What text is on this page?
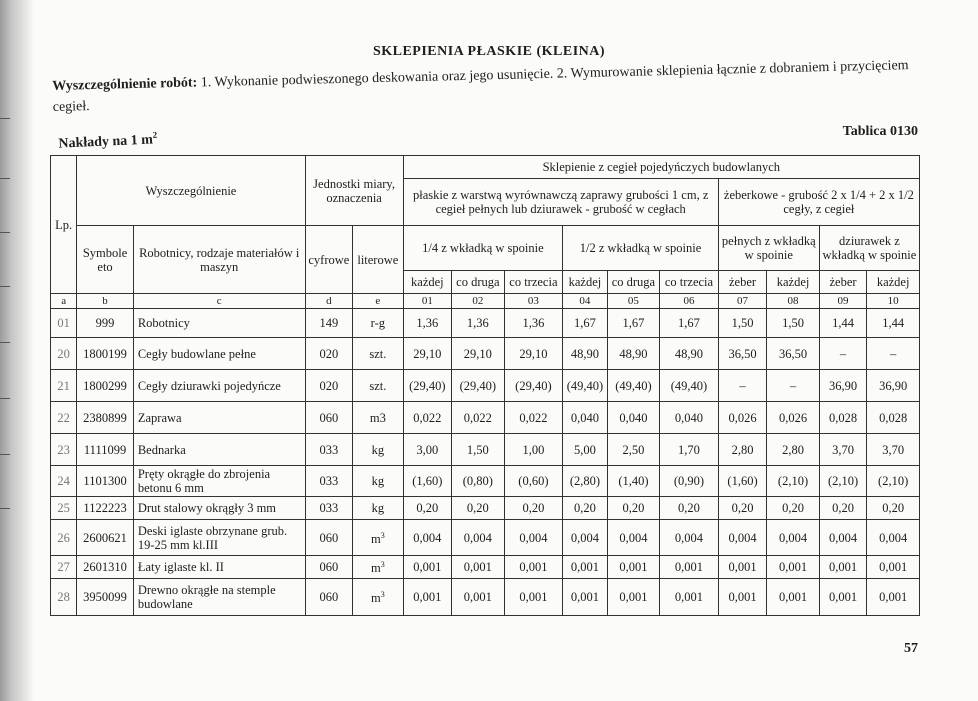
SKLEPIENIA PŁASKIE (KLEINA)
Wyszczególnienie robót: 1. Wykonanie podwieszonego deskowania oraz jego usunięcie. 2. Wymurowanie sklepienia łącznie z dobraniem i przycięciem cegieł.
Nakłady na 1 $m^2$	Tablica 0130
Lp.	Wyszczególnienie		Jednostki miary, oznaczenia		Sklepienie z cegieł pojedyńczych budowlanych									
					płaskie z warstwą wyrównawczą zaprawy grubości 1 cm, z cegieł pełnych lub dziurawek - grubość w cegłach						żeberkowe - grubość 2 x 1/4 + 2 x 1/2 cegły, z cegieł			
	Symbole eto	Robotnicy, rodzaje materiałów i maszyn	cyfrowe	literowe	1/4 z wkładką w spoinie			1/2 z wkładką w spoinie			pełnych z wkładką w spoinie		dziurawek z wkładką w spoinie	
					każdej	co druga	co trzecia	każdej	co druga	co trzecia	żeber	każdej	żeber	każdej
a	b	c	d	e	01	02	03	04	05	06	07	08	09	10
01	999	Robotnicy	149	r-g	1,36	1,36	1,36	1,67	1,67	1,67	1,50	1,50	1,44	1,44
20	1800199	Cegły budowlane pełne	020	szt.	29,10	29,10	29,10	48,90	48,90	48,90	36,50	36,50	–	–
21	1800299	Cegły dziurawki pojedyńcze	020	szt.	(29,40)	(29,40)	(29,40)	(49,40)	(49,40)	(49,40)	–	–	36,90	36,90
22	2380899	Zaprawa	060	m3	0,022	0,022	0,022	0,040	0,040	0,040	0,026	0,026	0,028	0,028
23	1111099	Bednarka	033	kg	3,00	1,50	1,00	5,00	2,50	1,70	2,80	2,80	3,70	3,70
24	1101300	Pręty okrągłe do zbrojenia betonu 6 mm	033	kg	(1,60)	(0,80)	(0,60)	(2,80)	(1,40)	(0,90)	(1,60)	(2,10)	(2,10)	(2,10)
25	1122223	Drut stalowy okrągły 3 mm	033	kg	0,20	0,20	0,20	0,20	0,20	0,20	0,20	0,20	0,20	0,20
26	2600621	Deski iglaste obrzynane grub. 19-25 mm kl.III	060	$m^3$	0,004	0,004	0,004	0,004	0,004	0,004	0,004	0,004	0,004	0,004
27	2601310	Łaty iglaste kl. II	060	$m^3$	0,001	0,001	0,001	0,001	0,001	0,001	0,001	0,001	0,001	0,001
28	3950099	Drewno okrągłe na stemple budowlane	060	$m^3$	0,001	0,001	0,001	0,001	0,001	0,001	0,001	0,001	0,001	0,001
57
